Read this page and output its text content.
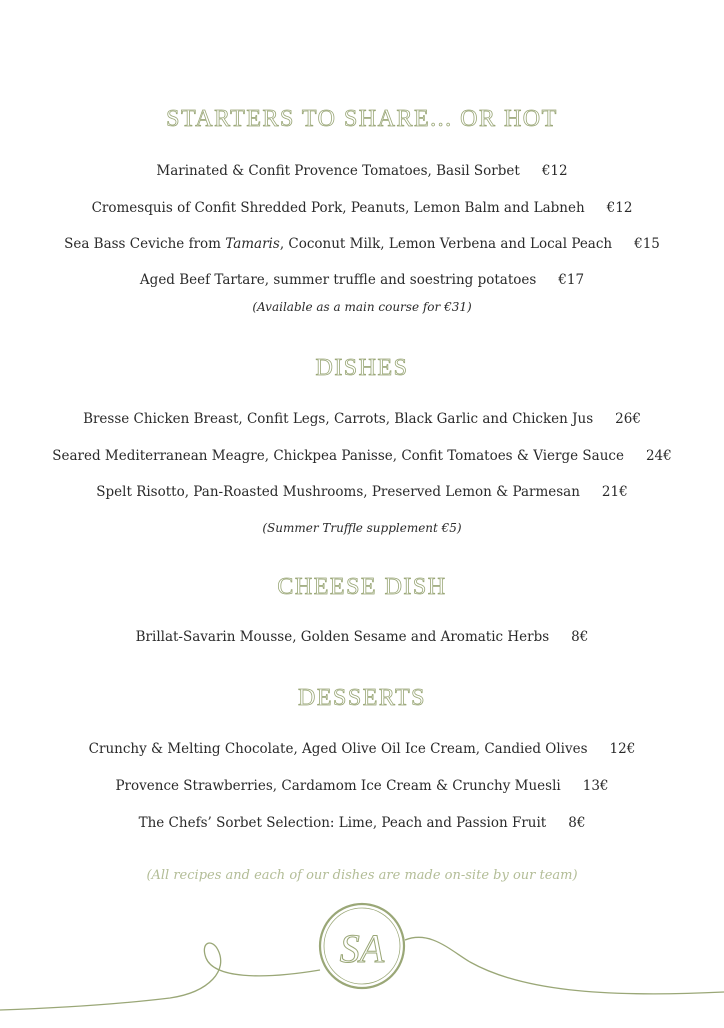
STARTERS TO SHARE... OR HOT
Marinated & Confit Provence Tomatoes, Basil Sorbet €12
Cromesquis of Confit Shredded Pork, Peanuts, Lemon Balm and Labneh €12
Sea Bass Ceviche from Tamaris, Coconut Milk, Lemon Verbena and Local Peach €15
Aged Beef Tartare, summer truffle and soestring potatoes €17
(Available as a main course for €31)
DISHES
Bresse Chicken Breast, Confit Legs, Carrots, Black Garlic and Chicken Jus 26€
Seared Mediterranean Meagre, Chickpea Panisse, Confit Tomatoes & Vierge Sauce 24€
Spelt Risotto, Pan-Roasted Mushrooms, Preserved Lemon & Parmesan 21€
(Summer Truffle supplement €5)
CHEESE DISH
Brillat-Savarin Mousse, Golden Sesame and Aromatic Herbs 8€
DESSERTS
Crunchy & Melting Chocolate, Aged Olive Oil Ice Cream, Candied Olives 12€
Provence Strawberries, Cardamom Ice Cream & Crunchy Muesli 13€
The Chefs’ Sorbet Selection: Lime, Peach and Passion Fruit 8€
(All recipes and each of our dishes are made on-site by our team)
SA
